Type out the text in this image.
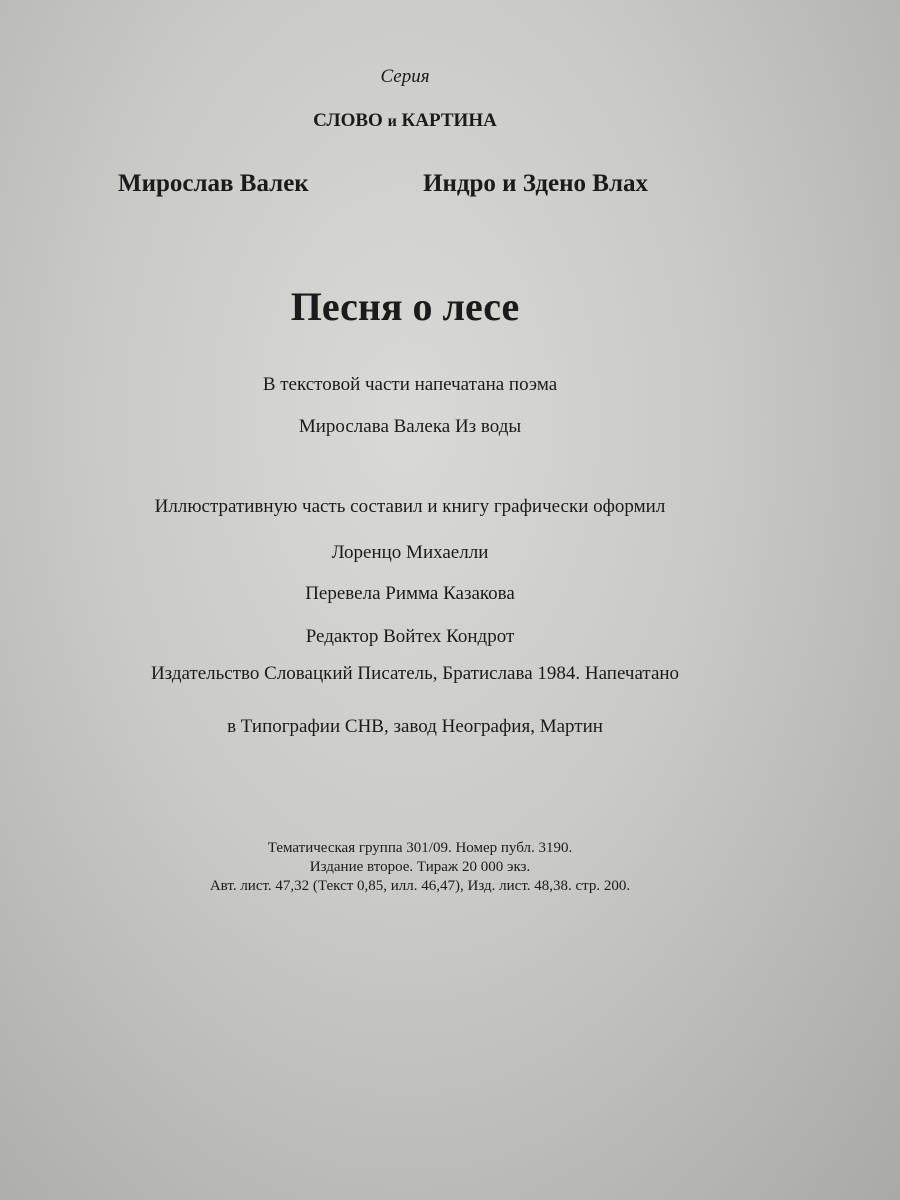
Серия
СЛОВО и КАРТИНА
Мирослав Валек	Индро и Здено Влах
Песня о лесе
В текстовой части напечатана поэма
Мирослава Валека Из воды
Иллюстративную часть составил и книгу графически оформил
Лоренцо Михаелли
Перевела Римма Казакова
Редактор Войтех Кондрот
Издательство Словацкий Писатель, Братислава 1984. Напечатано
в Типографии СНВ, завод Неография, Мартин
Тематическая группа 301/09. Номер публ. 3190.
Издание второе. Тираж 20 000 экз.
Авт. лист. 47,32 (Текст 0,85, илл. 46,47), Изд. лист. 48,38. стр. 200.
